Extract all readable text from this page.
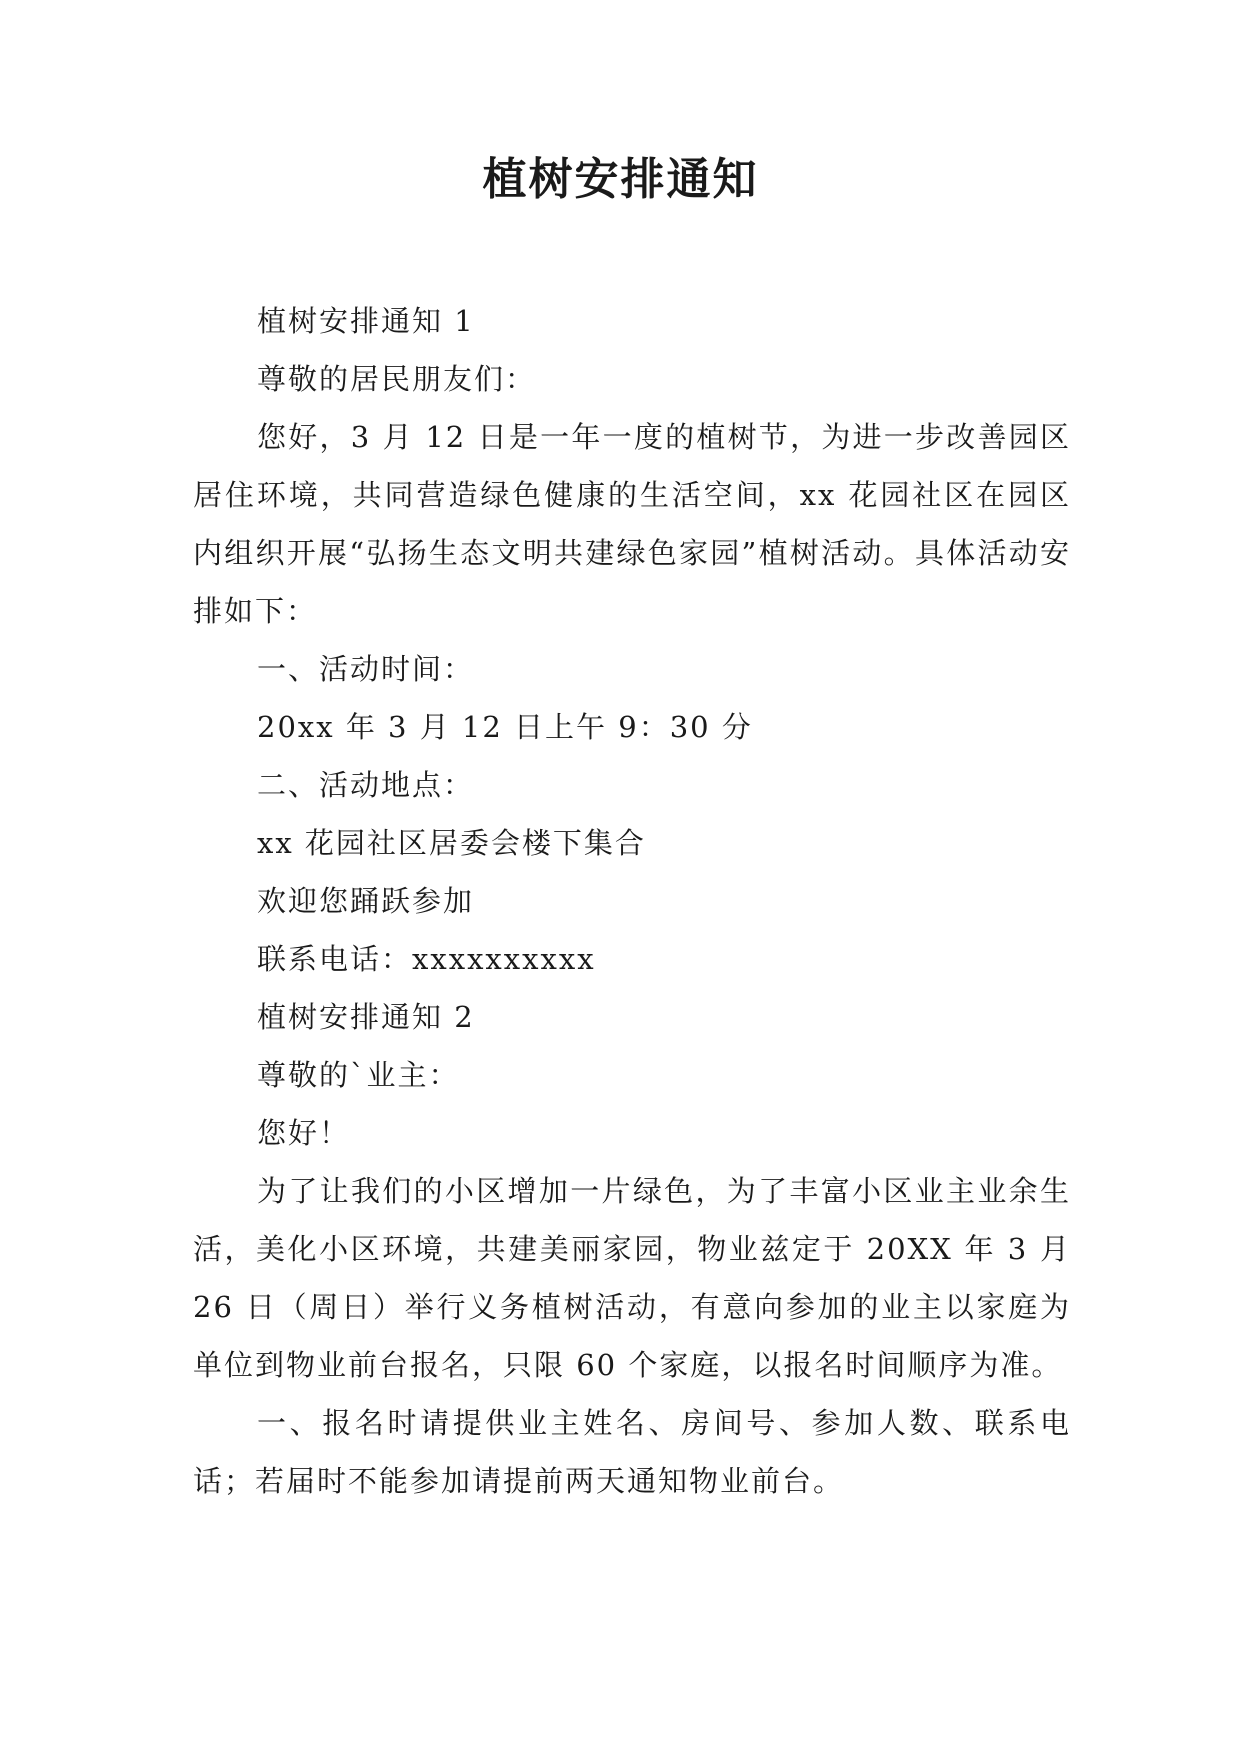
植树安排通知

植树安排通知 1

尊敬的居民朋友们：

您好，3 月 12 日是一年一度的植树节，为进一步改善园区居住环境，共同营造绿色健康的生活空间，xx 花园社区在园区内组织开展“弘扬生态文明共建绿色家园”植树活动。具体活动安排如下：

一、活动时间：

20xx 年 3 月 12 日上午 9：30 分

二、活动地点：

xx 花园社区居委会楼下集合

欢迎您踊跃参加

联系电话：xxxxxxxxxx

植树安排通知 2

尊敬的`业主：

您好！

为了让我们的小区增加一片绿色，为了丰富小区业主业余生活，美化小区环境，共建美丽家园，物业兹定于 20XX 年 3 月 26 日（周日）举行义务植树活动，有意向参加的业主以家庭为单位到物业前台报名，只限 60 个家庭，以报名时间顺序为准。

一、报名时请提供业主姓名、房间号、参加人数、联系电话；若届时不能参加请提前两天通知物业前台。
